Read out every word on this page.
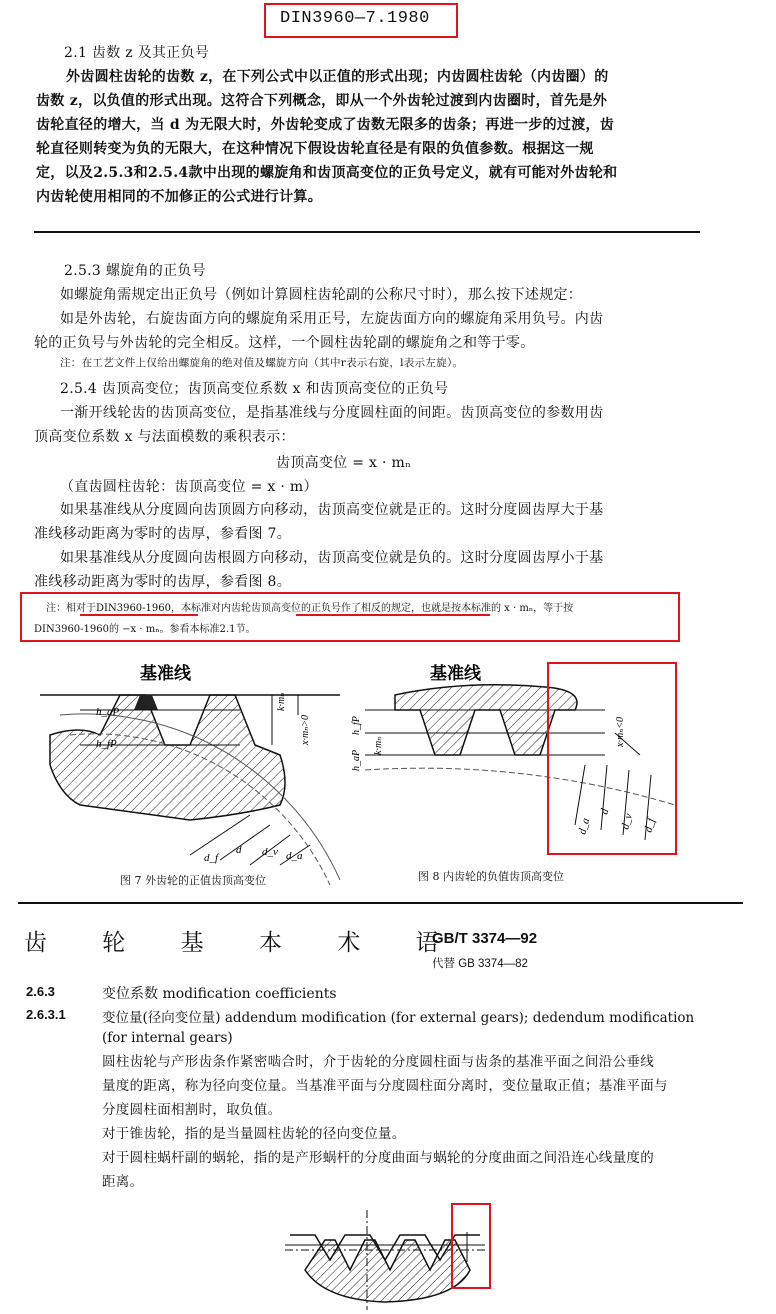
DIN3960—7.1980
2.1 齿数 z 及其正负号
外齿圆柱齿轮的齿数 z，在下列公式中以正值的形式出现；内齿圆柱齿轮（内齿圈）的
齿数 z，以负值的形式出现。这符合下列概念，即从一个外齿轮过渡到内齿圈时，首先是外
齿轮直径的增大，当 d 为无限大时，外齿轮变成了齿数无限多的齿条；再进一步的过渡，齿
轮直径则转变为负的无限大，在这种情况下假设齿轮直径是有限的负值参数。根据这一规
定，以及2.5.3和2.5.4款中出现的螺旋角和齿顶高变位的正负号定义，就有可能对外齿轮和
内齿轮使用相同的不加修正的公式进行计算。
2.5.3 螺旋角的正负号
如螺旋角需规定出正负号（例如计算圆柱齿轮副的公称尺寸时），那么按下述规定：
如是外齿轮，右旋齿面方向的螺旋角采用正号，左旋齿面方向的螺旋角采用负号。内齿
轮的正负号与外齿轮的完全相反。这样，一个圆柱齿轮副的螺旋角之和等于零。
注：在工艺文件上仅给出螺旋角的绝对值及螺旋方向（其中r表示右旋，l表示左旋）。
2.5.4 齿顶高变位；齿顶高变位系数 x 和齿顶高变位的正负号
一渐开线轮齿的齿顶高变位，是指基准线与分度圆柱面的间距。齿顶高变位的参数用齿
顶高变位系数 x 与法面模数的乘积表示：
齿顶高变位 = x · mₙ
（直齿圆柱齿轮：齿顶高变位 = x · m）
如果基准线从分度圆向齿顶圆方向移动，齿顶高变位就是正的。这时分度圆齿厚大于基
准线移动距离为零时的齿厚，参看图 7。
如果基准线从分度圆向齿根圆方向移动，齿顶高变位就是负的。这时分度圆齿厚小于基
准线移动距离为零时的齿厚，参看图 8。
注：相对于DIN3960-1960，本标准对内齿轮齿顶高变位的正负号作了相反的规定，也就是按本标准的 x · mₙ，等于按
DIN3960-1960的 −x · mₙ。参看本标准2.1节。
基准线
h_aP
h_fP
k·mₙ
x·mₙ>0
d_f
d d_v d_a
图 7 外齿轮的正值齿顶高变位
基准线
h_fP
h_aP
k·mₙ	x·mₙ<0
d_a
d
d_v d_f
图 8 内齿轮的负值齿顶高变位
齿 轮 基 本 术 语
GB/T 3374—92
代替 GB 3374—82
2.6.3	变位系数 modification coefficients
2.6.3.1	变位量(径向变位量) addendum modification (for external gears); dedendum modification
(for internal gears)
圆柱齿轮与产形齿条作紧密啮合时，介于齿轮的分度圆柱面与齿条的基准平面之间沿公垂线
量度的距离，称为径向变位量。当基准平面与分度圆柱面分离时，变位量取正值；基准平面与
分度圆柱面相割时，取负值。
对于锥齿轮，指的是当量圆柱齿轮的径向变位量。
对于圆柱蜗杆副的蜗轮，指的是产形蜗杆的分度曲面与蜗轮的分度曲面之间沿连心线量度的
距离。
